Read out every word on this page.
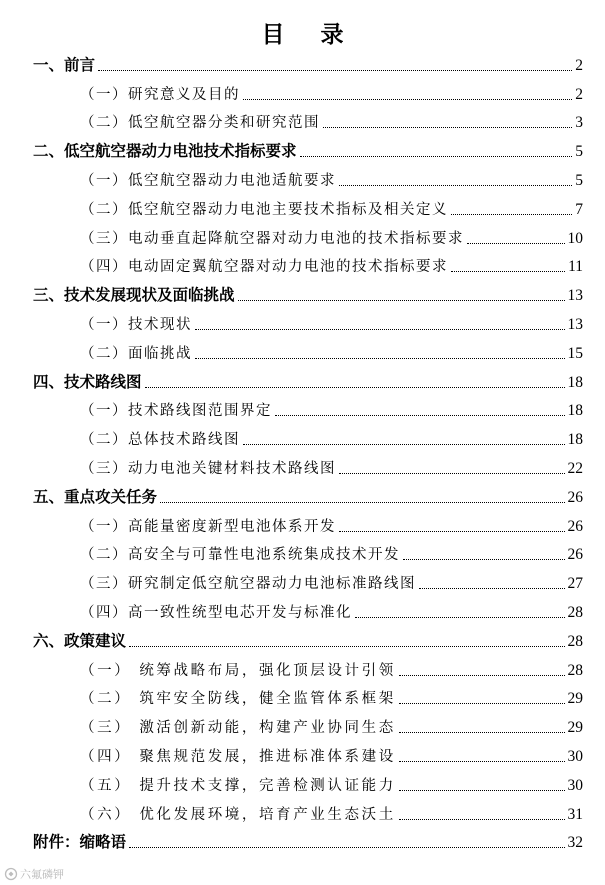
目 录
一、前言	2
（一）研究意义及目的	2
（二）低空航空器分类和研究范围	3
二、低空航空器动力电池技术指标要求	5
（一）低空航空器动力电池适航要求	5
（二）低空航空器动力电池主要技术指标及相关定义	7
（三）电动垂直起降航空器对动力电池的技术指标要求	10
（四）电动固定翼航空器对动力电池的技术指标要求	11
三、技术发展现状及面临挑战	13
（一）技术现状	13
（二）面临挑战	15
四、技术路线图	18
（一）技术路线图范围界定	18
（二）总体技术路线图	18
（三）动力电池关键材料技术路线图	22
五、重点攻关任务	26
（一）高能量密度新型电池体系开发	26
（二）高安全与可靠性电池系统集成技术开发	26
（三）研究制定低空航空器动力电池标准路线图	27
（四）高一致性统型电芯开发与标准化	28
六、政策建议	28
（一） 统筹战略布局，强化顶层设计引领	28
（二） 筑牢安全防线，健全监管体系框架	29
（三） 激活创新动能，构建产业协同生态	29
（四） 聚焦规范发展，推进标准体系建设	30
（五） 提升技术支撑，完善检测认证能力	30
（六） 优化发展环境，培育产业生态沃土	31
附件：缩略语	32
六氟磷钾
